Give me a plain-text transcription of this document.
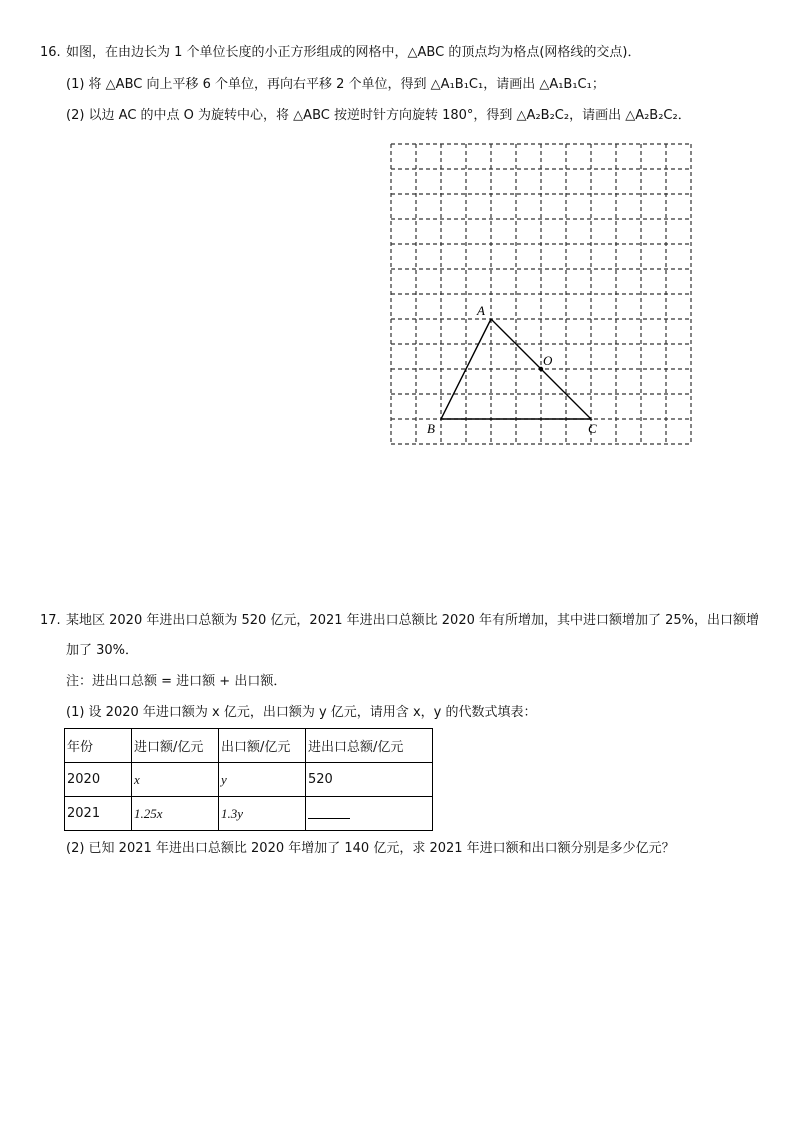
16. 如图，在由边长为 1 个单位长度的小正方形组成的网格中，△ABC 的顶点均为格点(网格线的交点)．
(1) 将 △ABC 向上平移 6 个单位，再向右平移 2 个单位，得到 △A₁B₁C₁，请画出 △A₁B₁C₁；
(2) 以边 AC 的中点 O 为旋转中心，将 △ABC 按逆时针方向旋转 180°，得到 △A₂B₂C₂，请画出 △A₂B₂C₂．
A
B	C
O
17. 某地区 2020 年进出口总额为 520 亿元，2021 年进出口总额比 2020 年有所增加，其中进口额增加了 25%，出口额增
加了 30%．
注：进出口总额 = 进口额 + 出口额．
(1) 设 2020 年进口额为 x 亿元，出口额为 y 亿元，请用含 x，y 的代数式填表：
年份	进口额/亿元	出口额/亿元	进出口总额/亿元
2020	x	y	520
2021	1.25x	1.3y	
(2) 已知 2021 年进出口总额比 2020 年增加了 140 亿元，求 2021 年进口额和出口额分别是多少亿元？
